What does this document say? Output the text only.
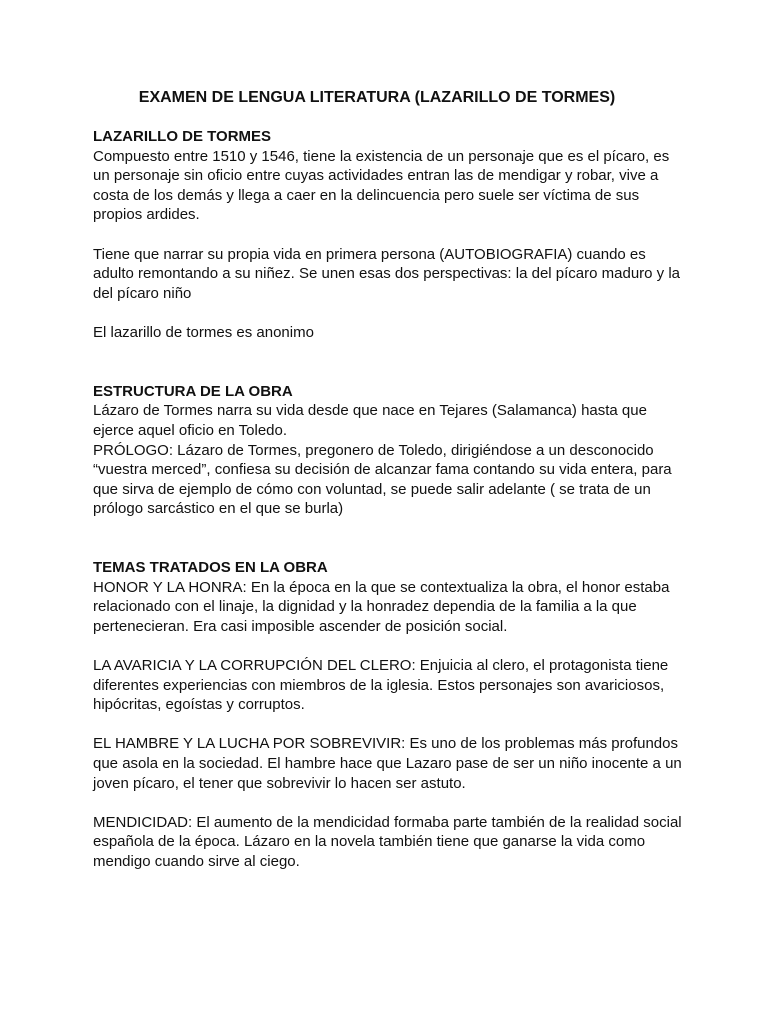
EXAMEN DE LENGUA LITERATURA (LAZARILLO DE TORMES)

LAZARILLO DE TORMES

Compuesto entre 1510 y 1546, tiene la existencia de un personaje que es el pícaro, es un personaje sin oficio entre cuyas actividades entran las de mendigar y robar, vive a costa de los demás y llega a caer en la delincuencia pero suele ser víctima de sus propios ardides.

Tiene que narrar su propia vida en primera persona (AUTOBIOGRAFIA) cuando es adulto remontando a su niñez. Se unen esas dos perspectivas: la del pícaro maduro y la del pícaro niño

El lazarillo de tormes es anonimo

ESTRUCTURA DE LA OBRA

Lázaro de Tormes narra su vida desde que nace en Tejares (Salamanca) hasta que ejerce aquel oficio en Toledo.

PRÓLOGO: Lázaro de Tormes, pregonero de Toledo, dirigiéndose a un desconocido “vuestra merced”, confiesa su decisión de alcanzar fama contando su vida entera, para que sirva de ejemplo de cómo con voluntad, se puede salir adelante ( se trata de un prólogo sarcástico en el que se burla)

TEMAS TRATADOS EN LA OBRA

HONOR Y LA HONRA: En la época en la que se contextualiza la obra, el honor estaba relacionado con el linaje, la dignidad y la honradez dependia de la familia a la que pertenecieran. Era casi imposible ascender de posición social.

LA AVARICIA Y LA CORRUPCIÓN DEL CLERO: Enjuicia al clero, el protagonista tiene diferentes experiencias con miembros de la iglesia. Estos personajes son avariciosos, hipócritas, egoístas y corruptos.

EL HAMBRE Y LA LUCHA POR SOBREVIVIR: Es uno de los problemas más profundos que asola en la sociedad. El hambre hace que Lazaro pase de ser un niño inocente a un joven pícaro, el tener que sobrevivir lo hacen ser astuto.

MENDICIDAD: El aumento de la mendicidad formaba parte también de la realidad social española de la época. Lázaro en la novela también tiene que ganarse la vida como mendigo cuando sirve al ciego.
